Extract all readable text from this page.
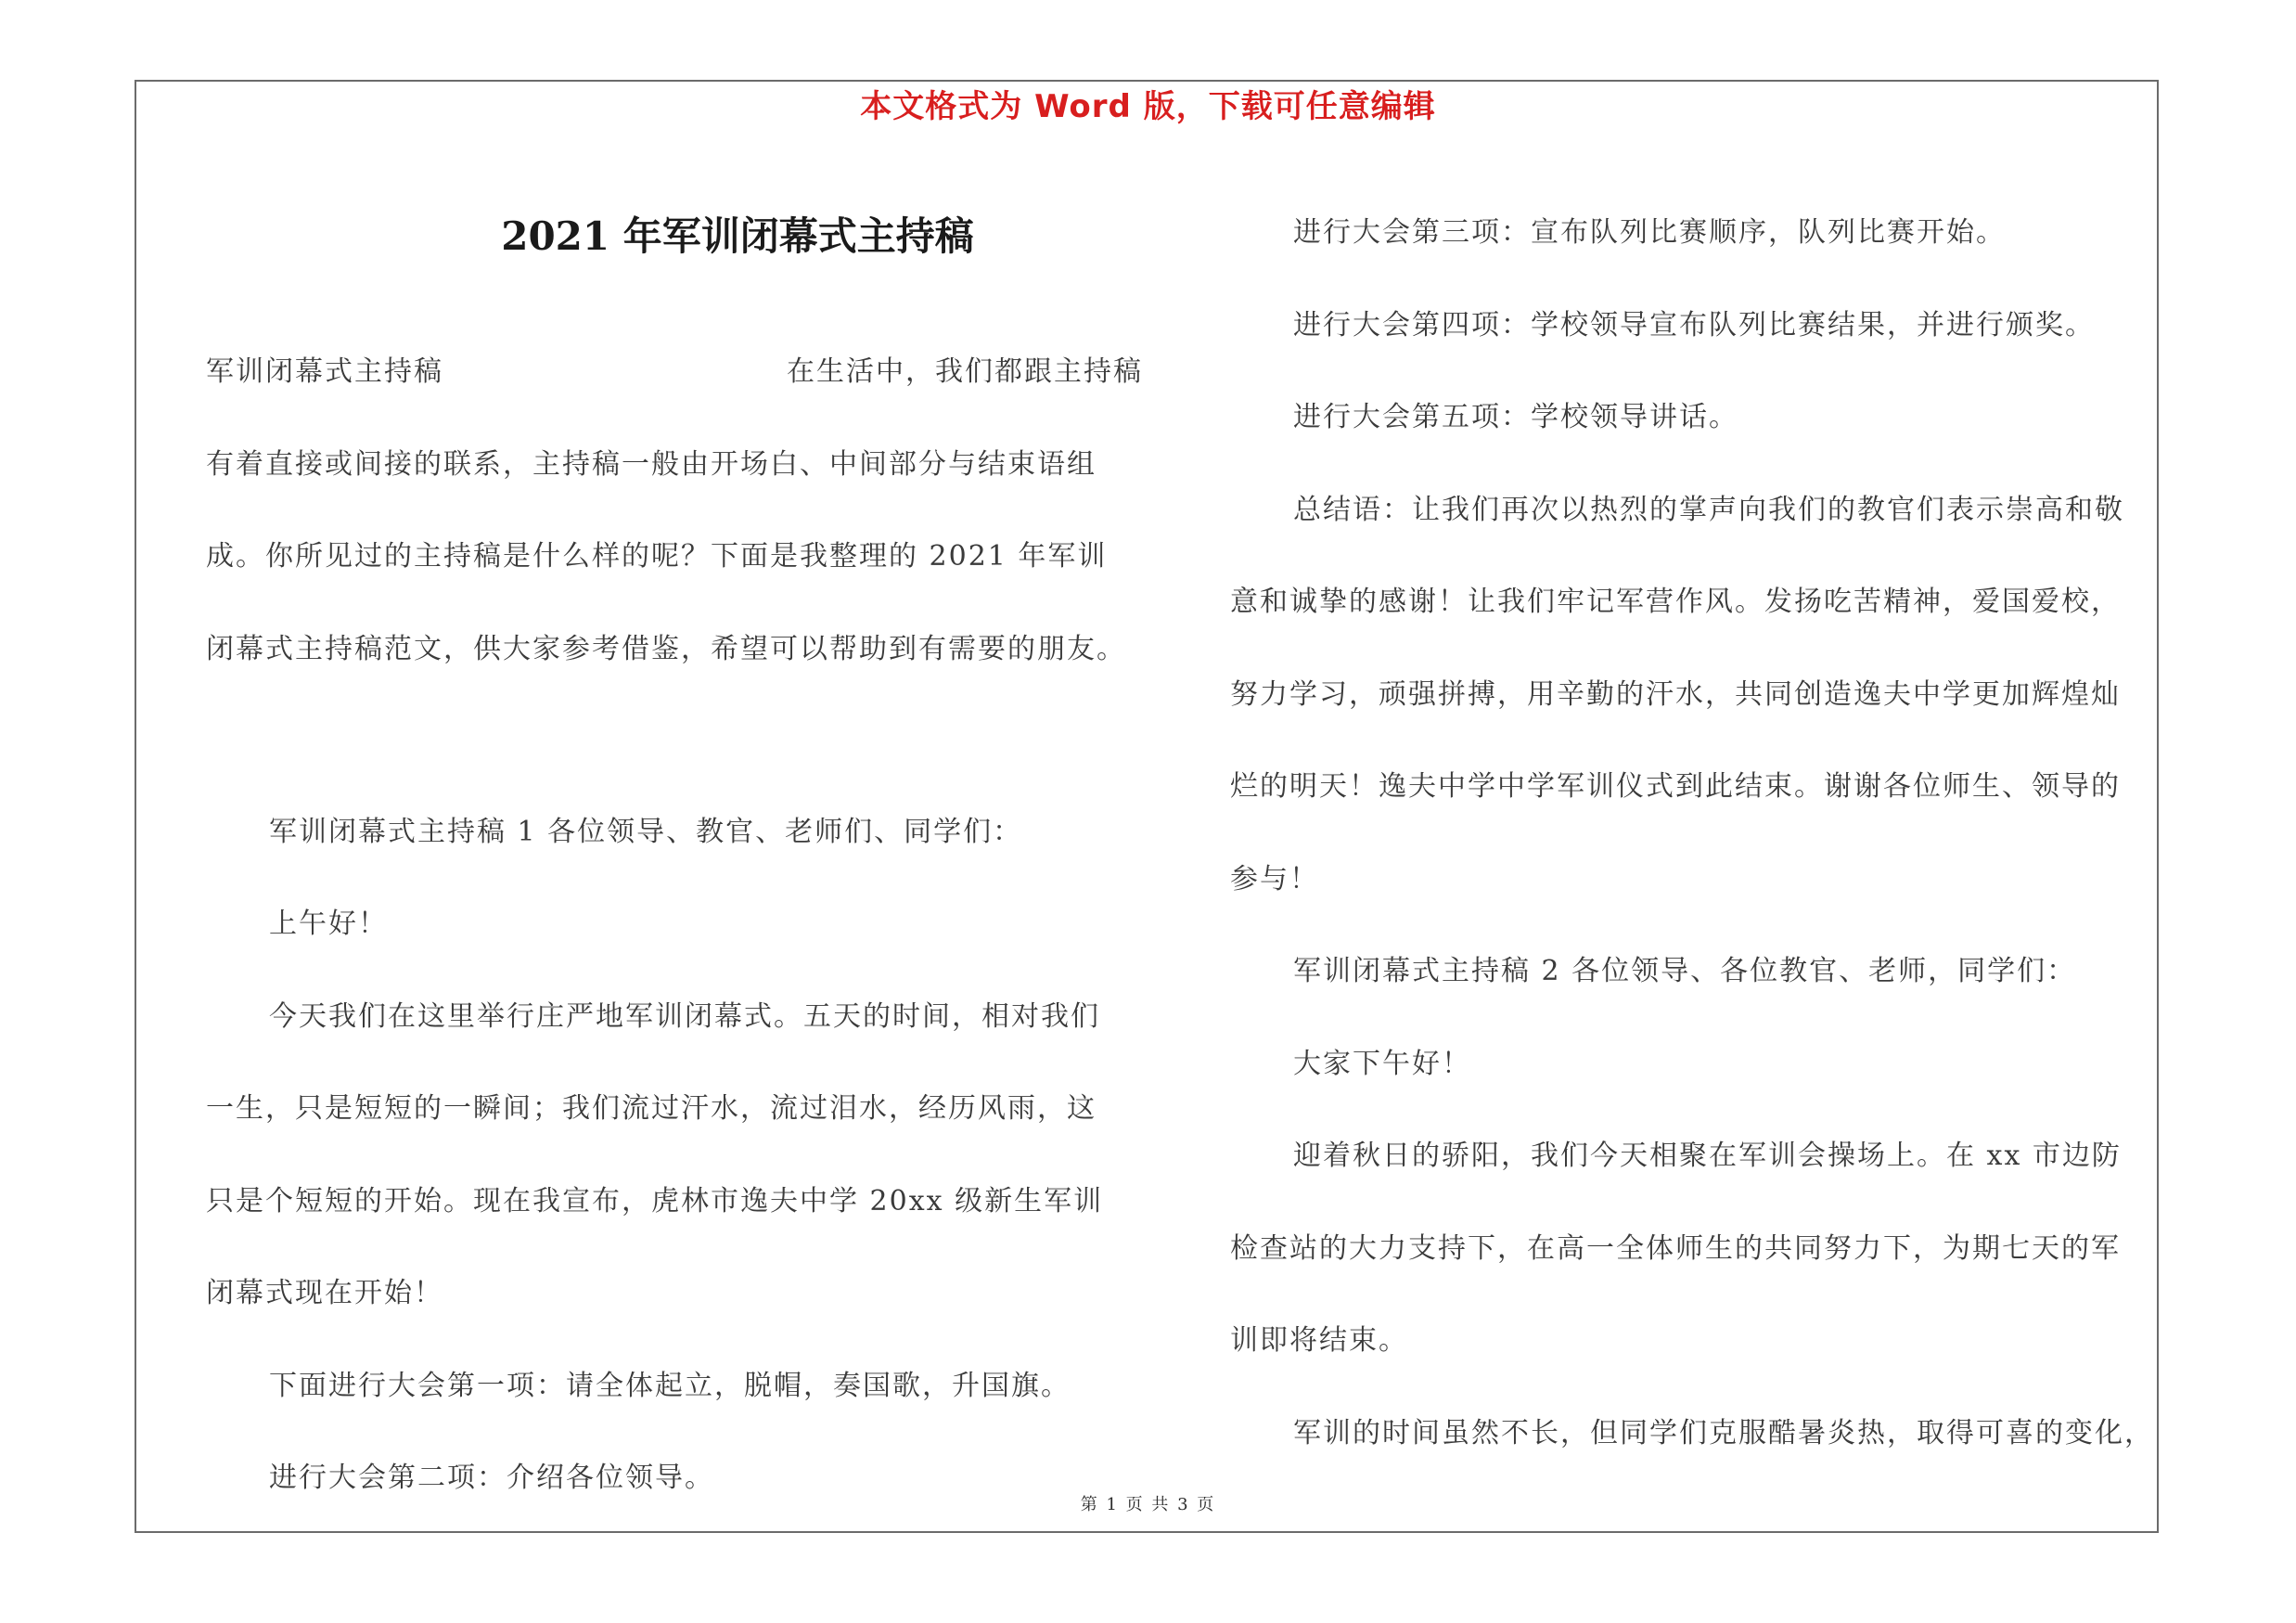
本文格式为 Word 版，下载可任意编辑
2021 年军训闭幕式主持稿

军训闭幕式主持稿	在生活中，我们都跟主持稿

有着直接或间接的联系，主持稿一般由开场白、中间部分与结束语组

成。你所见过的主持稿是什么样的呢？下面是我整理的 2021 年军训

闭幕式主持稿范文，供大家参考借鉴，希望可以帮助到有需要的朋友。

军训闭幕式主持稿 1 各位领导、教官、老师们、同学们：

上午好！

今天我们在这里举行庄严地军训闭幕式。五天的时间，相对我们

一生，只是短短的一瞬间；我们流过汗水，流过泪水，经历风雨，这

只是个短短的开始。现在我宣布，虎林市逸夫中学 20xx 级新生军训

闭幕式现在开始！

下面进行大会第一项：请全体起立，脱帽，奏国歌，升国旗。

进行大会第二项：介绍各位领导。

进行大会第三项：宣布队列比赛顺序，队列比赛开始。

进行大会第四项：学校领导宣布队列比赛结果，并进行颁奖。

进行大会第五项：学校领导讲话。

总结语：让我们再次以热烈的掌声向我们的教官们表示崇高和敬

意和诚挚的感谢！让我们牢记军营作风。发扬吃苦精神，爱国爱校，

努力学习，顽强拼搏，用辛勤的汗水，共同创造逸夫中学更加辉煌灿

烂的明天！逸夫中学中学军训仪式到此结束。谢谢各位师生、领导的

参与！

军训闭幕式主持稿 2 各位领导、各位教官、老师，同学们：

大家下午好！

迎着秋日的骄阳，我们今天相聚在军训会操场上。在 xx 市边防

检查站的大力支持下，在高一全体师生的共同努力下，为期七天的军

训即将结束。

军训的时间虽然不长，但同学们克服酷暑炎热，取得可喜的变化，

第 1 页 共 3 页
